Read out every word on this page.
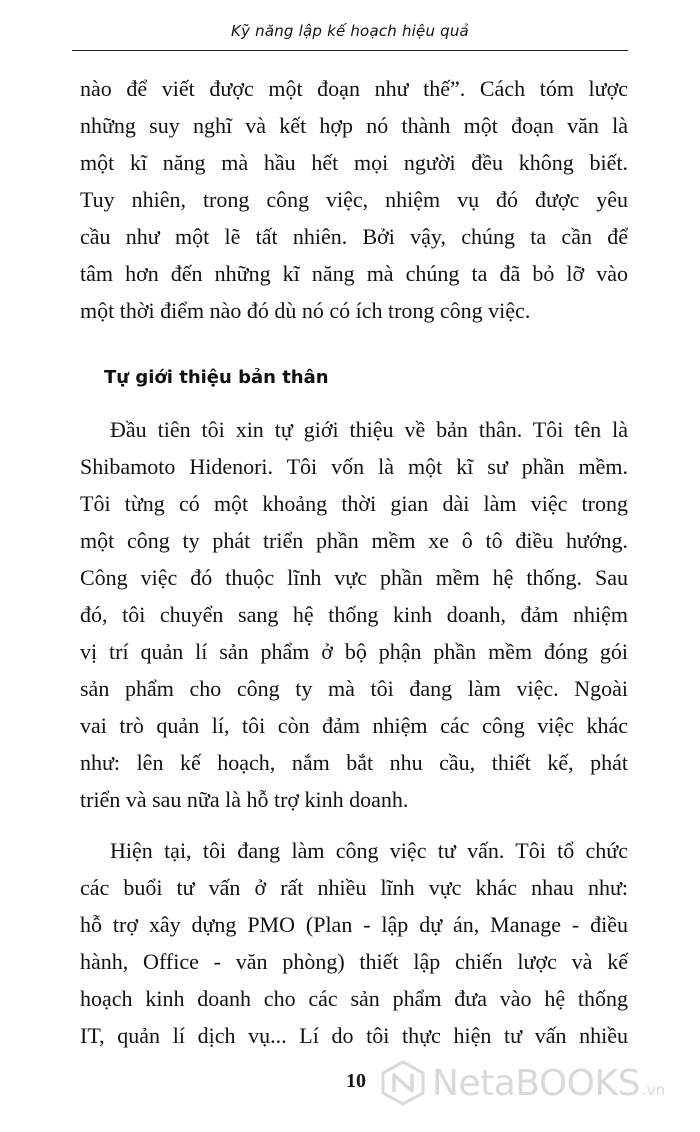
Kỹ năng lập kế hoạch hiệu quả
nào để viết được một đoạn như thế”. Cách tóm lược
những suy nghĩ và kết hợp nó thành một đoạn văn là
một kĩ năng mà hầu hết mọi người đều không biết.
Tuy nhiên, trong công việc, nhiệm vụ đó được yêu
cầu như một lẽ tất nhiên. Bởi vậy, chúng ta cần để
tâm hơn đến những kĩ năng mà chúng ta đã bỏ lỡ vào
một thời điểm nào đó dù nó có ích trong công việc.
Tự giới thiệu bản thân
Đầu tiên tôi xin tự giới thiệu về bản thân. Tôi tên là
Shibamoto Hidenori. Tôi vốn là một kĩ sư phần mềm.
Tôi từng có một khoảng thời gian dài làm việc trong
một công ty phát triển phần mềm xe ô tô điều hướng.
Công việc đó thuộc lĩnh vực phần mềm hệ thống. Sau
đó, tôi chuyển sang hệ thống kinh doanh, đảm nhiệm
vị trí quản lí sản phẩm ở bộ phận phần mềm đóng gói
sản phẩm cho công ty mà tôi đang làm việc. Ngoài
vai trò quản lí, tôi còn đảm nhiệm các công việc khác
như: lên kế hoạch, nắm bắt nhu cầu, thiết kế, phát
triển và sau nữa là hỗ trợ kinh doanh.
Hiện tại, tôi đang làm công việc tư vấn. Tôi tổ chức
các buổi tư vấn ở rất nhiều lĩnh vực khác nhau như:
hỗ trợ xây dựng PMO (Plan - lập dự án, Manage - điều
hành, Office - văn phòng) thiết lập chiến lược và kế
hoạch kinh doanh cho các sản phẩm đưa vào hệ thống
IT, quản lí dịch vụ... Lí do tôi thực hiện tư vấn nhiều
10	NetaBOOKS .vn
